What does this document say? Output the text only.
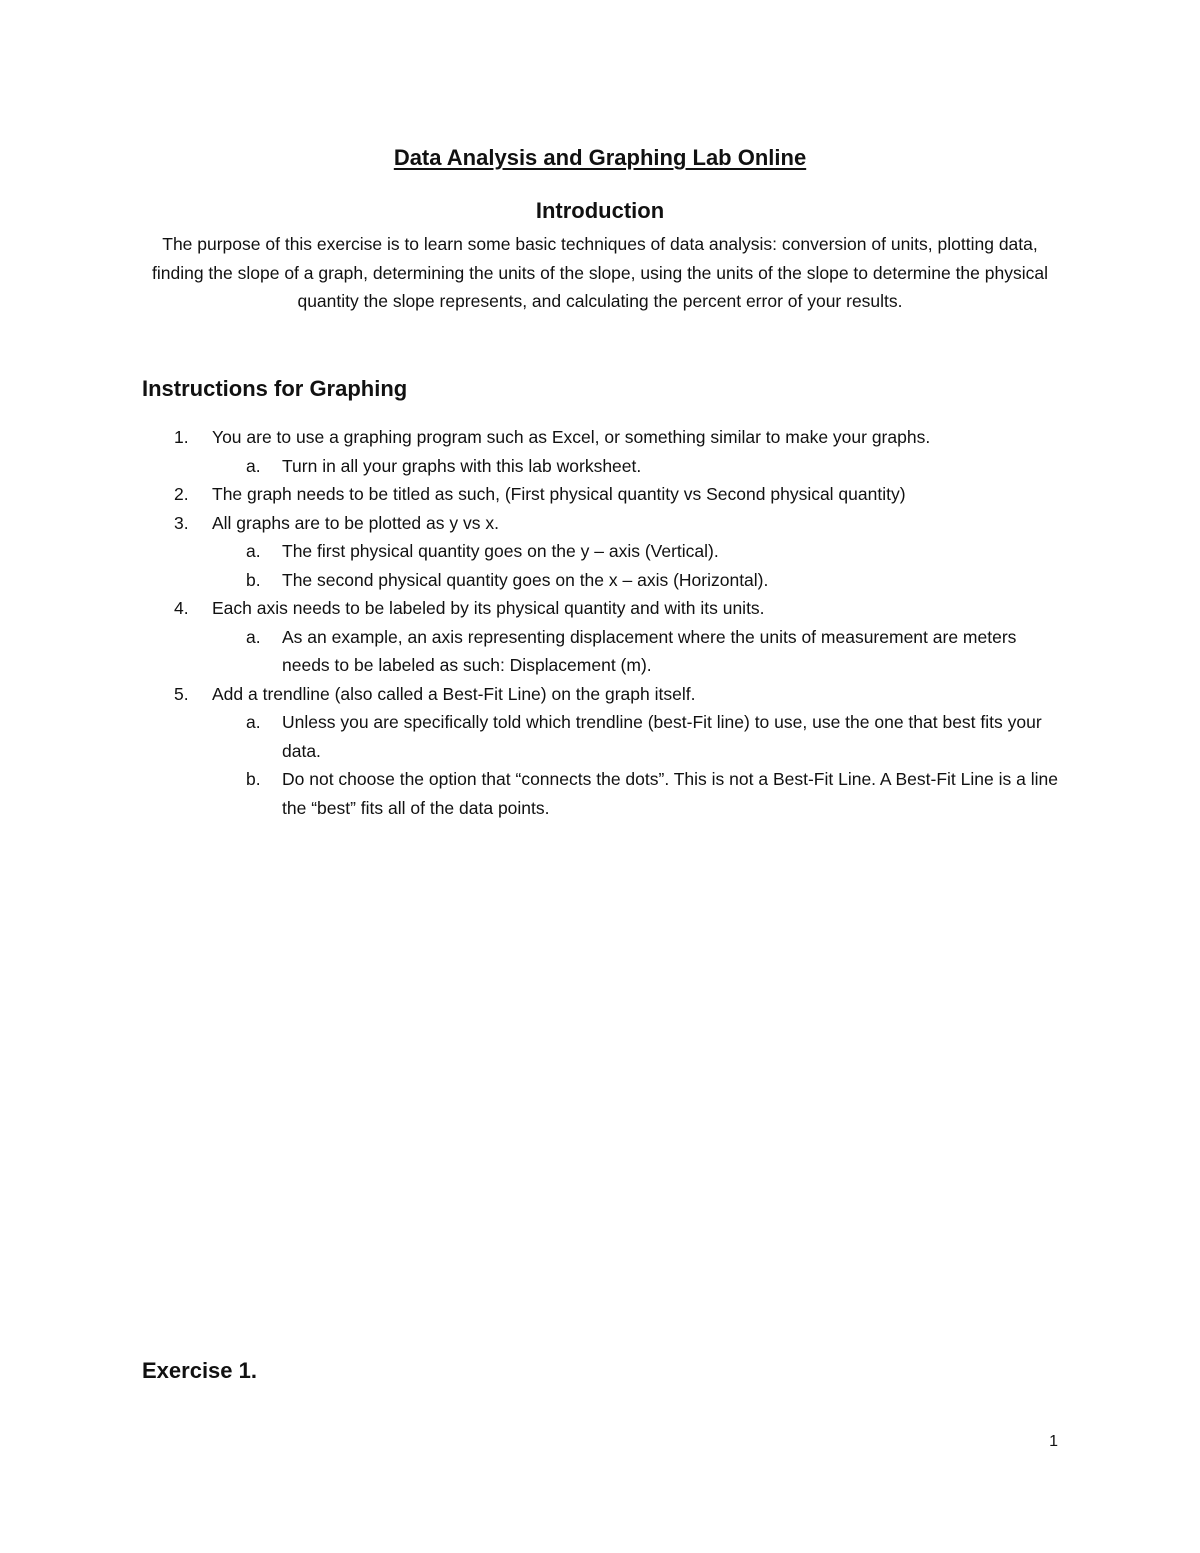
Data Analysis and Graphing Lab Online
Introduction
The purpose of this exercise is to learn some basic techniques of data analysis: conversion of units, plotting data, finding the slope of a graph, determining the units of the slope, using the units of the slope to determine the physical quantity the slope represents, and calculating the percent error of your results.
Instructions for Graphing
1. You are to use a graphing program such as Excel, or something similar to make your graphs.
a. Turn in all your graphs with this lab worksheet.
2. The graph needs to be titled as such, (First physical quantity vs Second physical quantity)
3. All graphs are to be plotted as y vs x.
a. The first physical quantity goes on the y – axis (Vertical).
b. The second physical quantity goes on the x – axis (Horizontal).
4. Each axis needs to be labeled by its physical quantity and with its units.
a. As an example, an axis representing displacement where the units of measurement are meters needs to be labeled as such: Displacement (m).
5. Add a trendline (also called a Best-Fit Line) on the graph itself.
a. Unless you are specifically told which trendline (best-Fit line) to use, use the one that best fits your data.
b. Do not choose the option that “connects the dots”. This is not a Best-Fit Line. A Best-Fit Line is a line the “best” fits all of the data points.
Exercise 1.
1
